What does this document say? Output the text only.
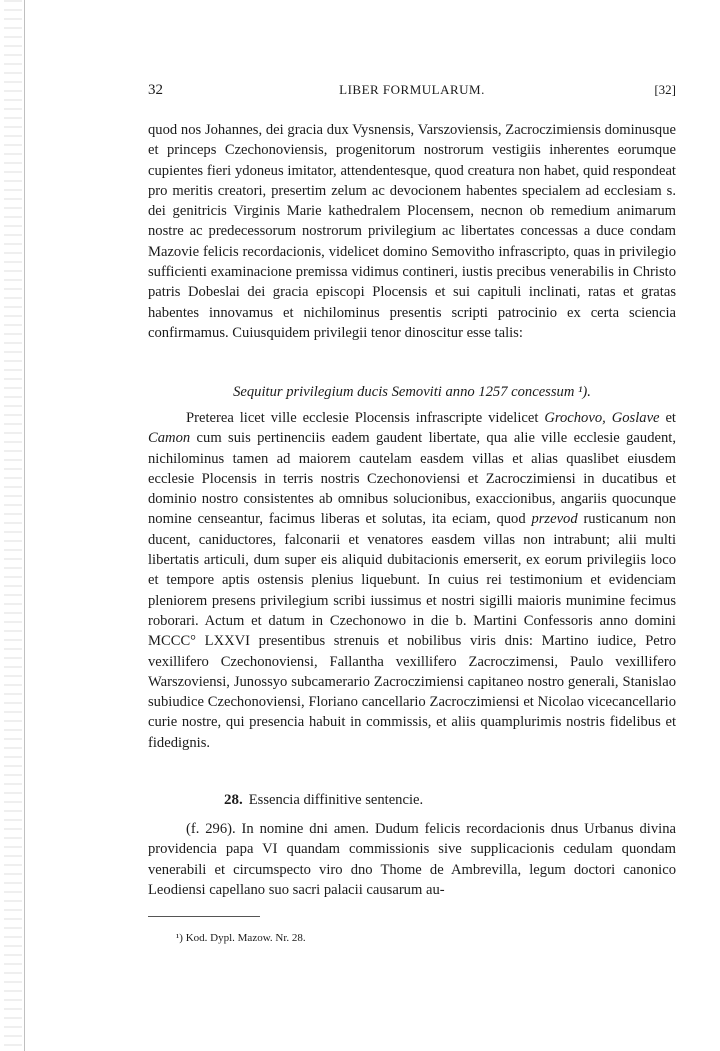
32	LIBER FORMULARUM.	[32]

quod nos Johannes, dei gracia dux Vysnensis, Varszoviensis, Zacroczimiensis dominusque et princeps Czechonoviensis, progenitorum nostrorum vestigiis inherentes eorumque cupientes fieri ydoneus imitator, attendentesque, quod creatura non habet, quid respondeat pro meritis creatori, presertim zelum ac devocionem habentes specialem ad ecclesiam s. dei genitricis Virginis Marie kathedralem Plocensem, necnon ob remedium animarum nostre ac predecessorum nostrorum privilegium ac libertates concessas a duce condam Mazovie felicis recordacionis, videlicet domino Semovitho infrascripto, quas in privilegio sufficienti examinacione premissa vidimus contineri, iustis precibus venerabilis in Christo patris Dobeslai dei gracia episcopi Plocensis et sui capituli inclinati, ratas et gratas habentes innovamus et nichilominus presentis scripti patrocinio ex certa sciencia confirmamus. Cuiusquidem privilegii tenor dinoscitur esse talis:

Sequitur privilegium ducis Semoviti anno 1257 concessum ¹).

Preterea licet ville ecclesie Plocensis infrascripte videlicet Grochovo, Goslave et Camon cum suis pertinenciis eadem gaudent libertate, qua alie ville ecclesie gaudent, nichilominus tamen ad maiorem cautelam easdem villas et alias quaslibet eiusdem ecclesie Plocensis in terris nostris Czechonoviensi et Zacroczimiensi in ducatibus et dominio nostro consistentes ab omnibus solucionibus, exaccionibus, angariis quocunque nomine censeantur, facimus liberas et solutas, ita eciam, quod przevod rusticanum non ducent, caniductores, falconarii et venatores easdem villas non intrabunt; alii multi libertatis articuli, dum super eis aliquid dubitacionis emerserit, ex eorum privilegiis loco et tempore aptis ostensis plenius liquebunt. In cuius rei testimonium et evidenciam pleniorem presens privilegium scribi iussimus et nostri sigilli maioris munimine fecimus roborari. Actum et datum in Czechonowo in die b. Martini Confessoris anno domini MCCC° LXXVI presentibus strenuis et nobilibus viris dnis: Martino iudice, Petro vexillifero Czechonoviensi, Fallantha vexillifero Zacroczimensi, Paulo vexillifero Warszoviensi, Junossyo subcamerario Zacroczimiensi capitaneo nostro generali, Stanislao subiudice Czechonoviensi, Floriano cancellario Zacroczimiensi et Nicolao vicecancellario curie nostre, qui presencia habuit in commissis, et aliis quamplurimis nostris fidelibus et fidedignis.

28. Essencia diffinitive sentencie.

(f. 296). In nomine dni amen. Dudum felicis recordacionis dnus Urbanus divina providencia papa VI quandam commissionis sive supplicacionis cedulam quondam venerabili et circumspecto viro dno Thome de Ambrevilla, legum doctori canonico Leodiensi capellano suo sacri palacii causarum au-

¹) Kod. Dypl. Mazow. Nr. 28.
